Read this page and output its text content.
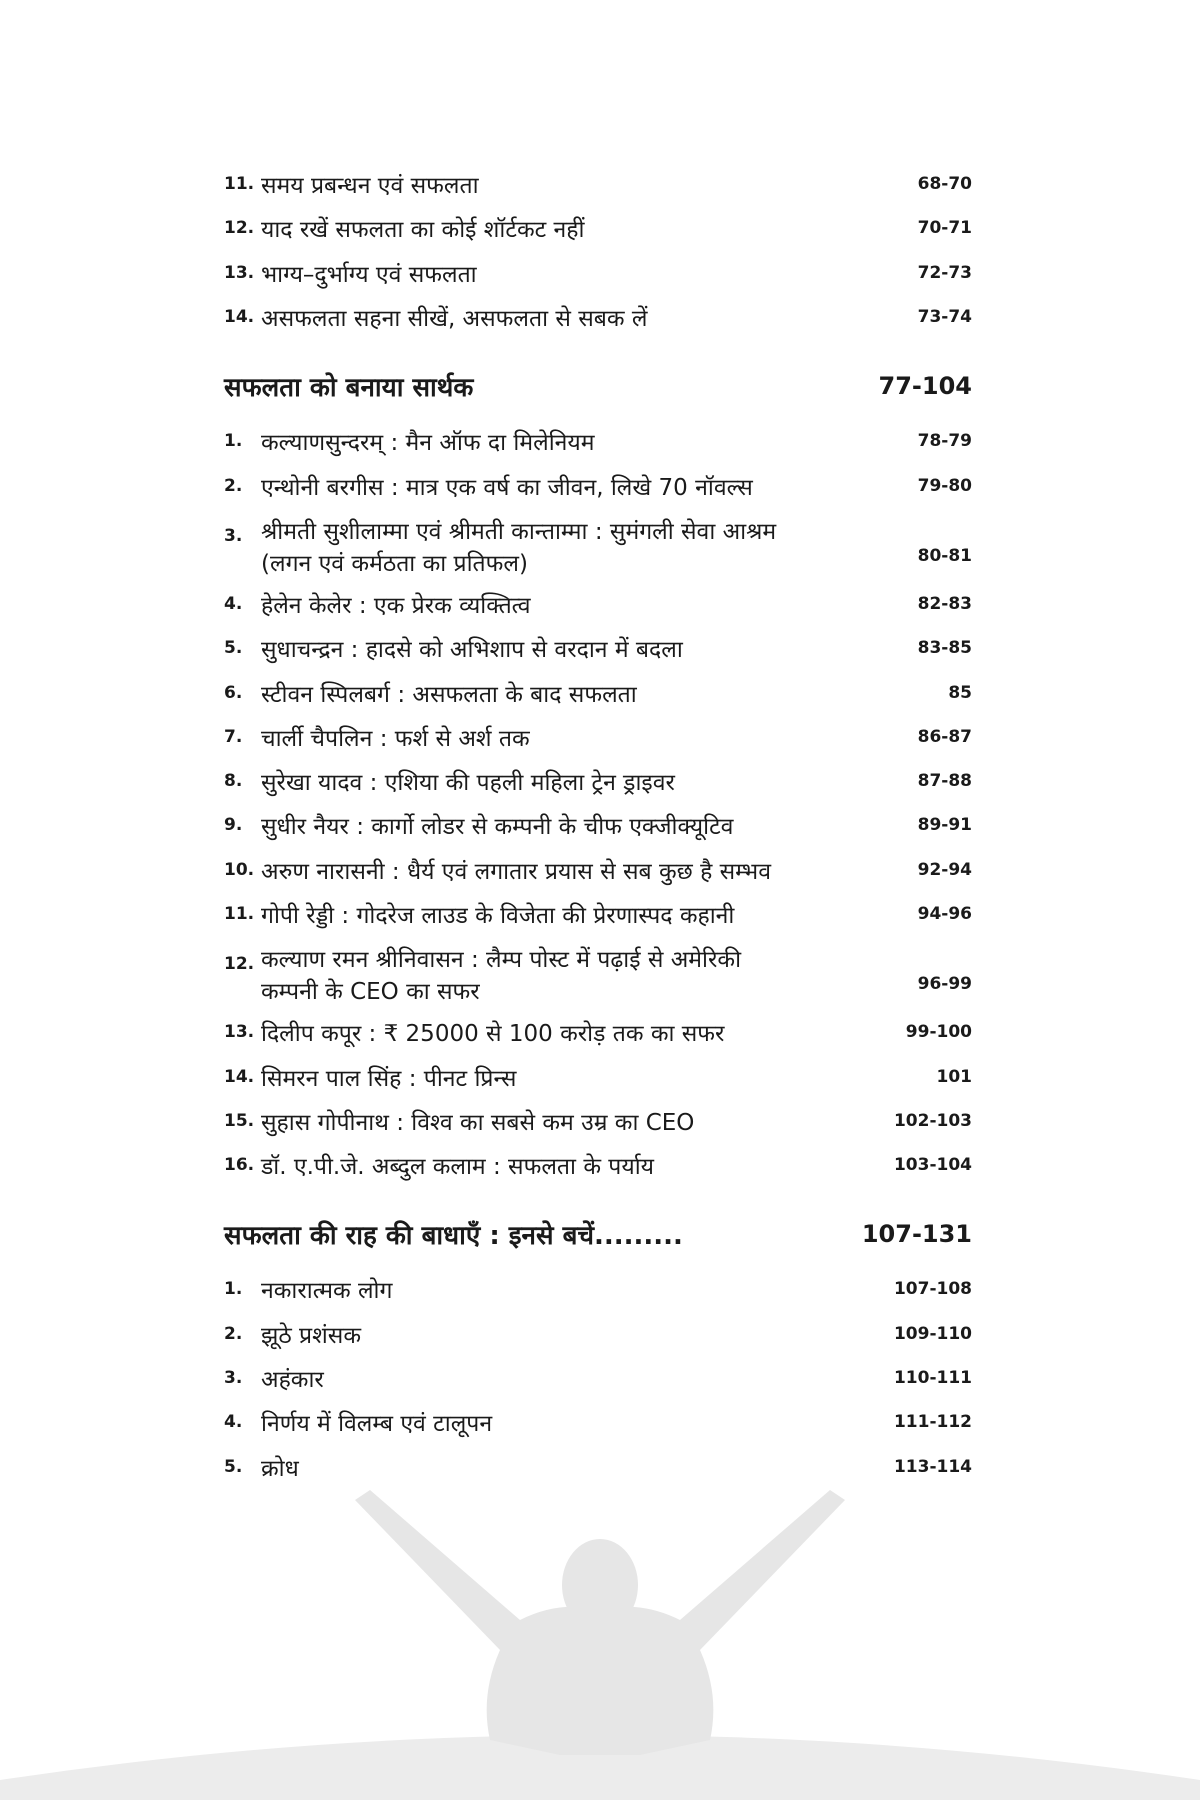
11. समय प्रबन्धन एवं सफलता	68-70
12. याद रखें सफलता का कोई शॉर्टकट नहीं	70-71
13. भाग्य–दुर्भाग्य एवं सफलता	72-73
14. असफलता सहना सीखें, असफलता से सबक लें	73-74
सफलता को बनाया सार्थक	77-104
1. कल्याणसुन्दरम् : मैन ऑफ दा मिलेनियम	78-79
2. एन्थोनी बरगीस : मात्र एक वर्ष का जीवन, लिखे 70 नॉवल्स	79-80
3. श्रीमती सुशीलाम्मा एवं श्रीमती कान्ताम्मा : सुमंगली सेवा आश्रम
(लगन एवं कर्मठता का प्रतिफल)	80-81
4. हेलेन केलेर : एक प्रेरक व्यक्तित्व	82-83
5. सुधाचन्द्रन : हादसे को अभिशाप से वरदान में बदला	83-85
6. स्टीवन स्पिलबर्ग : असफलता के बाद सफलता	85
7. चार्ली चैपलिन : फर्श से अर्श तक	86-87
8. सुरेखा यादव : एशिया की पहली महिला ट्रेन ड्राइवर	87-88
9. सुधीर नैयर : कार्गो लोडर से कम्पनी के चीफ एक्जीक्यूटिव	89-91
10. अरुण नारासनी : धैर्य एवं लगातार प्रयास से सब कुछ है सम्भव	92-94
11. गोपी रेड्डी : गोदरेज लाउड के विजेता की प्रेरणास्पद कहानी	94-96
12. कल्याण रमन श्रीनिवासन : लैम्प पोस्ट में पढ़ाई से अमेरिकी
कम्पनी के CEO का सफर	96-99
13. दिलीप कपूर : ₹ 25000 से 100 करोड़ तक का सफर	99-100
14. सिमरन पाल सिंह : पीनट प्रिन्स	101
15. सुहास गोपीनाथ : विश्व का सबसे कम उम्र का CEO	102-103
16. डॉ. ए.पी.जे. अब्दुल कलाम : सफलता के पर्याय	103-104
सफलता की राह की बाधाएँ : इनसे बचें.........	107-131
1. नकारात्मक लोग	107-108
2. झूठे प्रशंसक	109-110
3. अहंकार	110-111
4. निर्णय में विलम्ब एवं टालूपन	111-112
5. क्रोध	113-114
